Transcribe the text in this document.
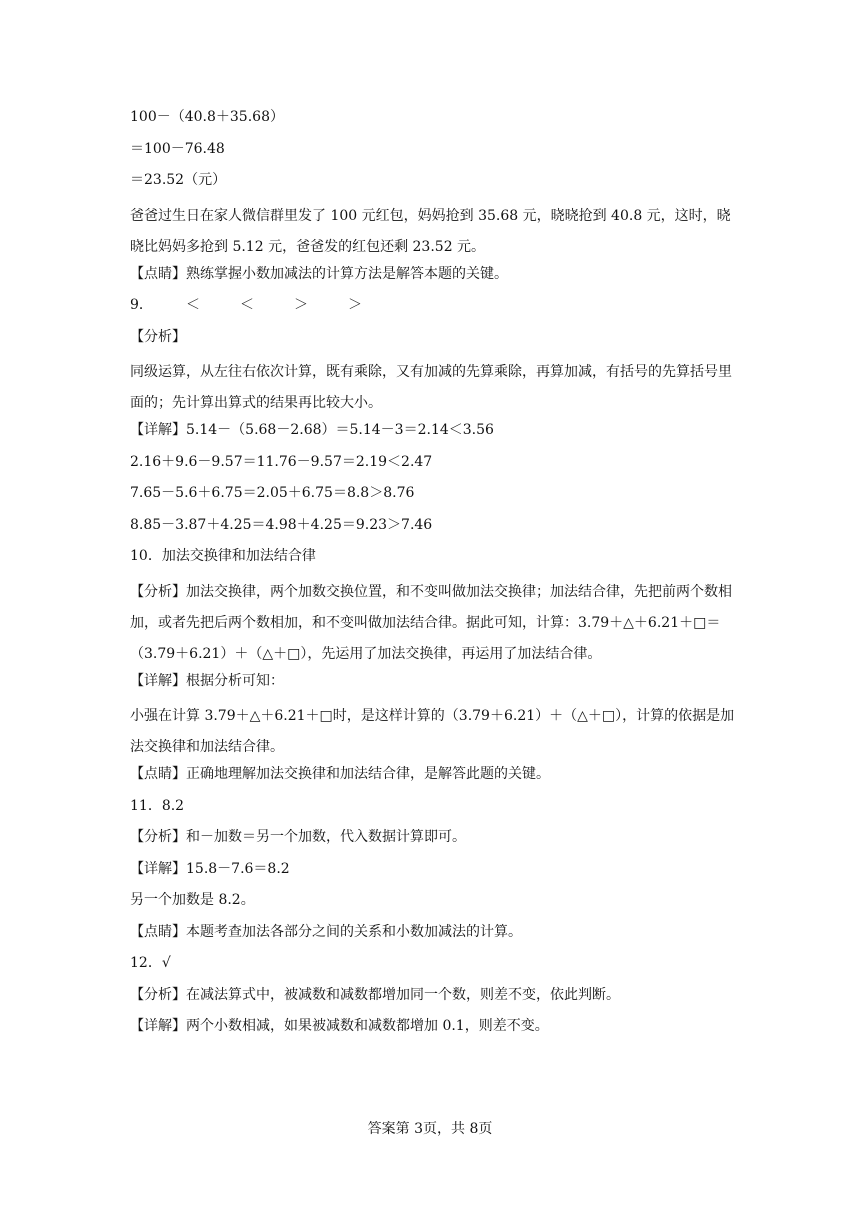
100－（40.8＋35.68）
＝100－76.48
＝23.52（元）
爸爸过生日在家人微信群里发了 100 元红包，妈妈抢到 35.68 元，晓晓抢到 40.8 元，这时，晓晓比妈妈多抢到 5.12 元，爸爸发的红包还剩 23.52 元。
【点睛】熟练掌握小数加减法的计算方法是解答本题的关键。
9．	＜	＜	＞	＞
【分析】
同级运算，从左往右依次计算，既有乘除，又有加减的先算乘除，再算加减，有括号的先算括号里面的；先计算出算式的结果再比较大小。
【详解】5.14－（5.68－2.68）＝5.14－3＝2.14＜3.56
2.16＋9.6－9.57＝11.76－9.57＝2.19＜2.47
7.65－5.6＋6.75＝2.05＋6.75＝8.8＞8.76
8.85－3.87＋4.25＝4.98＋4.25＝9.23＞7.46
10．加法交换律和加法结合律
【分析】加法交换律，两个加数交换位置，和不变叫做加法交换律；加法结合律，先把前两个数相加，或者先把后两个数相加，和不变叫做加法结合律。据此可知，计算：3.79＋△＋6.21＋□＝（3.79＋6.21）＋（△＋□），先运用了加法交换律，再运用了加法结合律。
【详解】根据分析可知：
小强在计算 3.79＋△＋6.21＋□时，是这样计算的（3.79＋6.21）＋（△＋□），计算的依据是加法交换律和加法结合律。
【点睛】正确地理解加法交换律和加法结合律，是解答此题的关键。
11．8.2
【分析】和－加数＝另一个加数，代入数据计算即可。
【详解】15.8－7.6＝8.2
另一个加数是 8.2。
【点睛】本题考查加法各部分之间的关系和小数加减法的计算。
12．√
【分析】在减法算式中，被减数和减数都增加同一个数，则差不变，依此判断。
【详解】两个小数相减，如果被减数和减数都增加 0.1，则差不变。
答案第 3页，共 8页
